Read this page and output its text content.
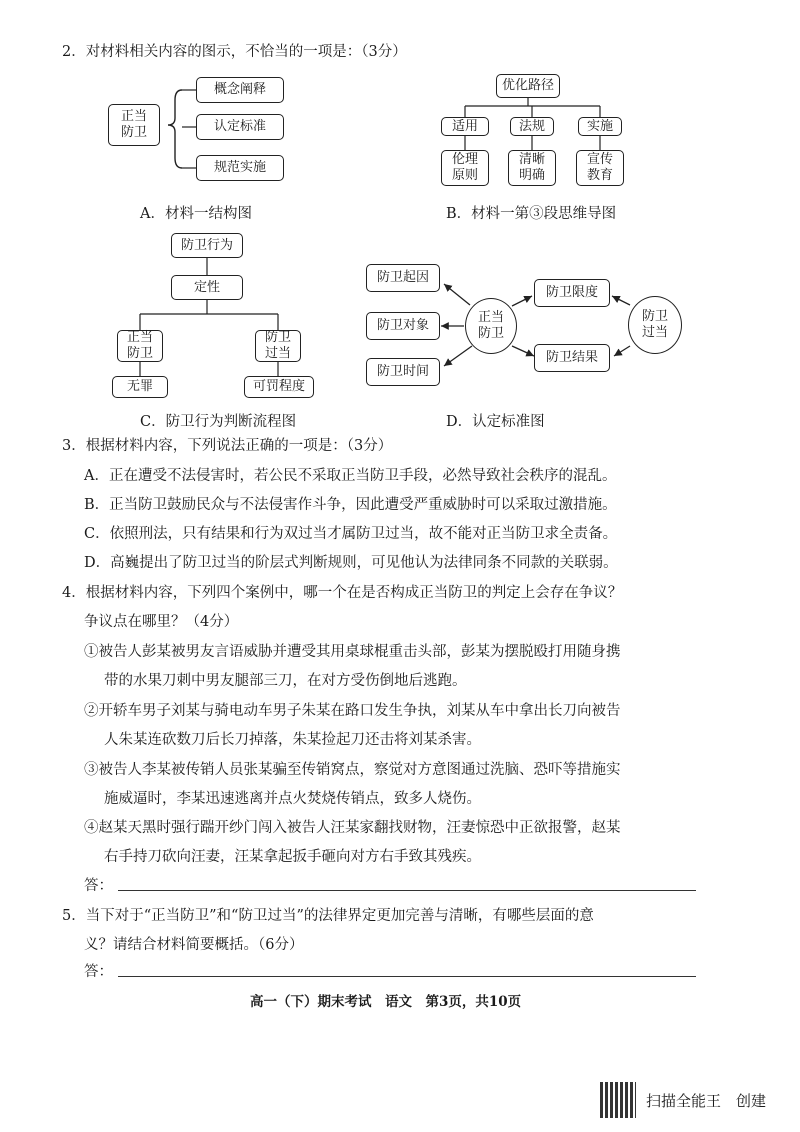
2．对材料相关内容的图示，不恰当的一项是：（3分）
正当
防卫
概念阐释
认定标准
规范实施
A．材料一结构图
优化路径
适用	法规	实施
伦理
原则
清晰
明确
宣传
教育
B．材料一第③段思维导图
防卫行为
定性
正当
防卫
防卫
过当
无罪	可罚程度
C．防卫行为判断流程图
防卫起因
防卫对象
防卫时间
正当
防卫
防卫限度
防卫结果
防卫
过当
D．认定标准图
3．根据材料内容，下列说法正确的一项是：（3分）
A．正在遭受不法侵害时，若公民不采取正当防卫手段，必然导致社会秩序的混乱。
B．正当防卫鼓励民众与不法侵害作斗争，因此遭受严重威胁时可以采取过激措施。
C．依照刑法，只有结果和行为双过当才属防卫过当，故不能对正当防卫求全责备。
D．高巍提出了防卫过当的阶层式判断规则，可见他认为法律同条不同款的关联弱。
4．根据材料内容，下列四个案例中，哪一个在是否构成正当防卫的判定上会存在争议？
争议点在哪里？（4分）
①被告人彭某被男友言语威胁并遭受其用桌球棍重击头部，彭某为摆脱殴打用随身携
带的水果刀刺中男友腿部三刀，在对方受伤倒地后逃跑。
②开轿车男子刘某与骑电动车男子朱某在路口发生争执，刘某从车中拿出长刀向被告
人朱某连砍数刀后长刀掉落，朱某捡起刀还击将刘某杀害。
③被告人李某被传销人员张某骗至传销窝点，察觉对方意图通过洗脑、恐吓等措施实
施威逼时，李某迅速逃离并点火焚烧传销点，致多人烧伤。
④赵某天黑时强行踹开纱门闯入被告人汪某家翻找财物，汪妻惊恐中正欲报警，赵某
右手持刀砍向汪妻，汪某拿起扳手砸向对方右手致其残疾。
答：
5．当下对于“正当防卫”和“防卫过当”的法律界定更加完善与清晰，有哪些层面的意
义？请结合材料简要概括。（6分）
答：
高一（下）期末考试　语文　第3页，共10页
扫描全能王　创建
